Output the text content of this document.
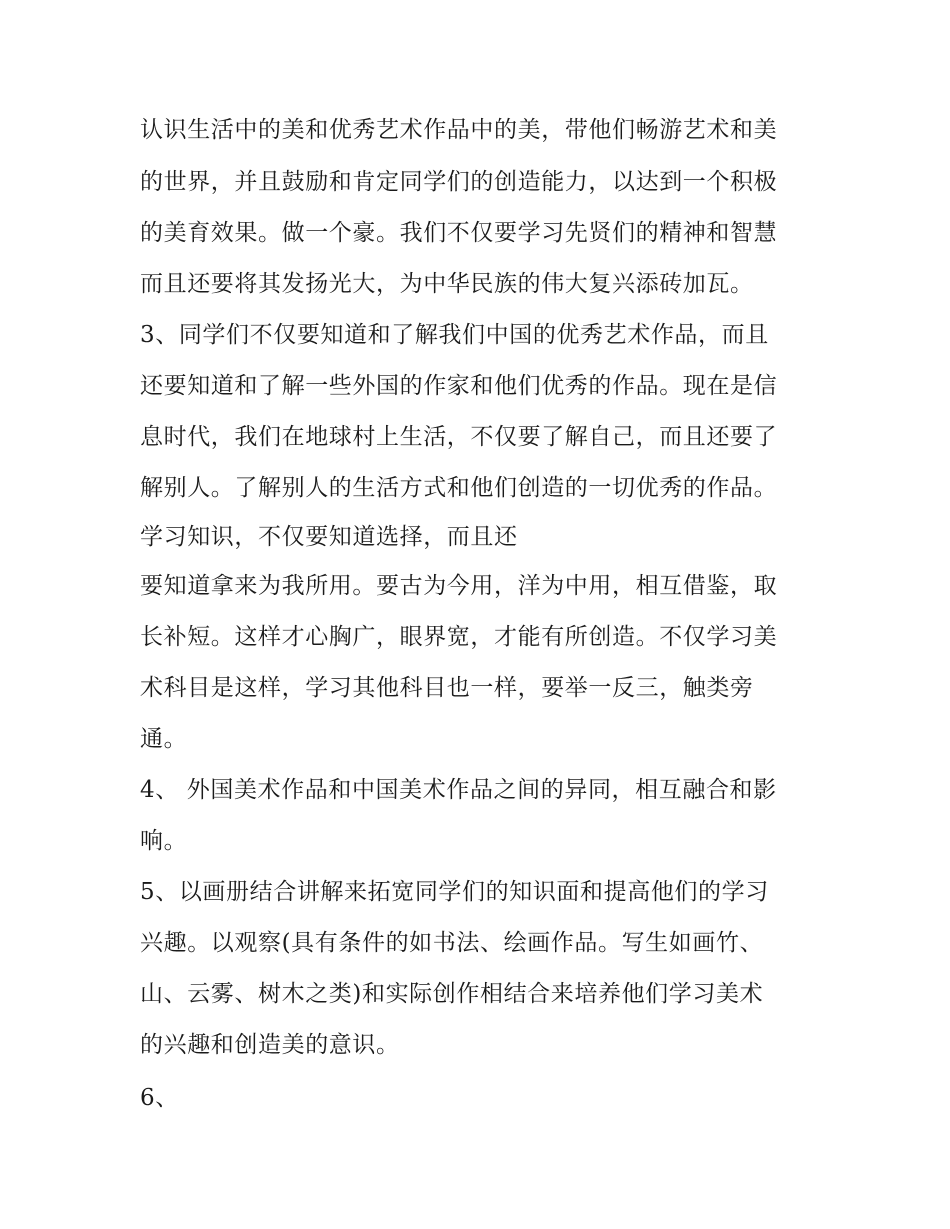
认识生活中的美和优秀艺术作品中的美，带他们畅游艺术和美
的世界，并且鼓励和肯定同学们的创造能力，以达到一个积极
的美育效果。做一个豪。我们不仅要学习先贤们的精神和智慧
而且还要将其发扬光大，为中华民族的伟大复兴添砖加瓦。
3、同学们不仅要知道和了解我们中国的优秀艺术作品，而且
还要知道和了解一些外国的作家和他们优秀的作品。现在是信
息时代，我们在地球村上生活，不仅要了解自己，而且还要了
解别人。了解别人的生活方式和他们创造的一切优秀的作品。
学习知识，不仅要知道选择，而且还
要知道拿来为我所用。要古为今用，洋为中用，相互借鉴，取
长补短。这样才心胸广，眼界宽，才能有所创造。不仅学习美
术科目是这样，学习其他科目也一样，要举一反三，触类旁
通。
4、 外国美术作品和中国美术作品之间的异同，相互融合和影
响。
5、以画册结合讲解来拓宽同学们的知识面和提高他们的学习
兴趣。以观察(具有条件的如书法、绘画作品。写生如画竹、
山、云雾、树木之类)和实际创作相结合来培养他们学习美术
的兴趣和创造美的意识。
6、
